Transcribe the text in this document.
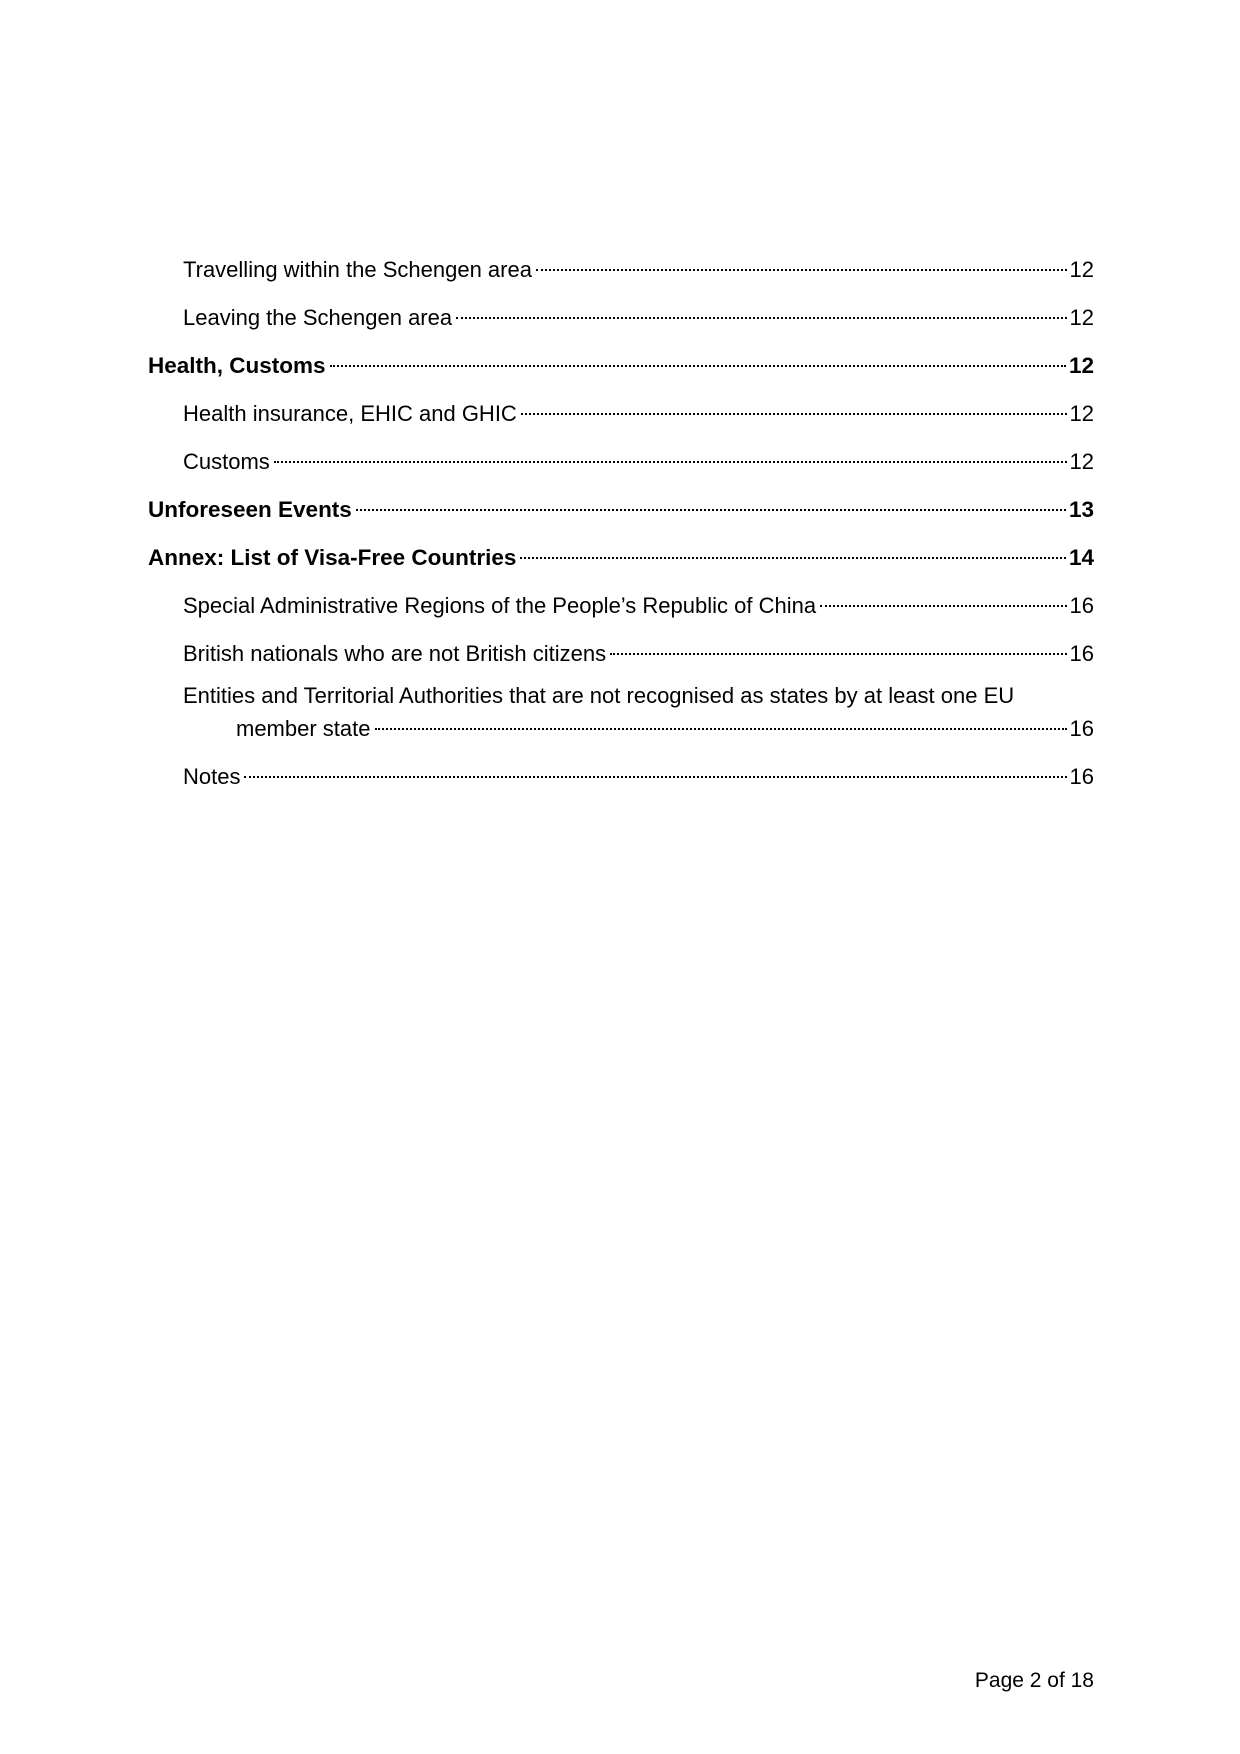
Travelling within the Schengen area	12
Leaving the Schengen area	12
Health, Customs	12
Health insurance, EHIC and GHIC	12
Customs	12
Unforeseen Events	13
Annex: List of Visa-Free Countries	14
Special Administrative Regions of the People’s Republic of China	16
British nationals who are not British citizens	16
Entities and Territorial Authorities that are not recognised as states by at least one EU
member state	16
Notes	16
Page 2 of 18
